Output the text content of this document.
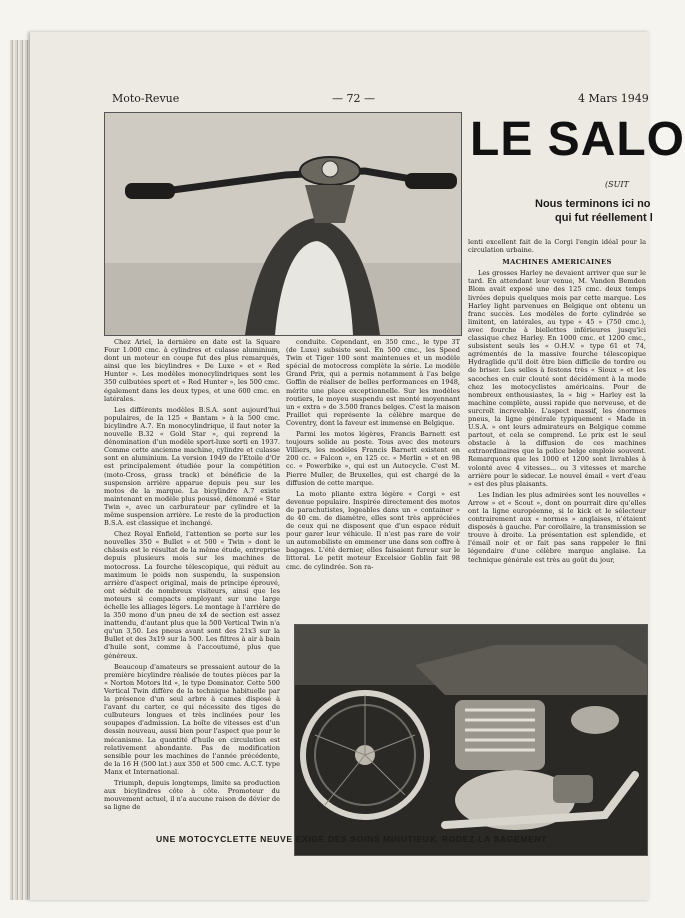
Moto-Revue	— 72 —	4 Mars 1949
LE SALO
(SUIT
Nous terminons ici no
qui fut réellement l

Chez Ariel, la dernière en date est la Square Four 1.000 cmc. à cylindres et culasse aluminium, dont un moteur en coupe fut des plus remarqués, ainsi que les bicylindres « De Luxe » et « Red Hunter ». Les modèles monocylindriques sont les 350 culbutées sport et « Red Hunter », les 500 cmc. également dans les deux types, et une 600 cmc. en latérales.

Les différents modèles B.S.A. sont aujourd'hui populaires, de la 125 « Bantam » à la 500 cmc. bicylindre A.7. En monocylindrique, il faut noter la nouvelle B.32 « Gold Star », qui reprend la dénomination d'un modèle sport-luxe sorti en 1937. Comme cette ancienne machine, cylindre et culasse sont en aluminium. La version 1949 de l'Etoile d'Or est principalement étudiée pour la compétition (moto-Cross, grass track) et bénéficie de la suspension arrière apparue depuis peu sur les motos de la marque. La bicylindre A.7 existe maintenant en modèle plus poussé, dénommé « Star Twin », avec un carburateur par cylindre et la même suspension arrière. Le reste de la production B.S.A. est classique et inchangé.

Chez Royal Enfield, l'attention se porte sur les nouvelles 350 « Bullet » et 500 « Twin » dont le châssis est le résultat de la même étude, entreprise depuis plusieurs mois sur les machines de motocross. La fourche télescopique, qui réduit au maximum le poids non suspendu, la suspension arrière d'aspect original, mais de principe éprouvé, ont séduit de nombreux visiteurs, ainsi que les moteurs si compacts employant sur une large échelle les alliages légers. Le montage à l'arrière de la 350 mono d'un pneu de x4 de section est assez inattendu, d'autant plus que la 500 Vertical Twin n'a qu'un 3,50. Les pneus avant sont des 21x3 sur la Bullet et des 3x19 sur la 500. Les filtres à air à bain d'huile sont, comme à l'accoutumé, plus que généreux.

Beaucoup d'amateurs se pressaient autour de la première bicylindre réalisée de toutes pièces par la « Norton Motors ltd », le type Dominator. Cette 500 Vertical Twin diffère de la technique habituelle par la présence d'un seul arbre à cames disposé à l'avant du carter, ce qui nécessite des tiges de culbuteurs longues et très inclinées pour les soupapes d'admission. La boîte de vitesses est d'un dessin nouveau, aussi bien pour l'aspect que pour le mécanisme. La quantité d'huile en circulation est relativement abondante. Pas de modification sensible pour les machines de l'année précédente, de la 16 H (500 lat.) aux 350 et 500 cmc. A.C.T. type Manx et International.

Triumph, depuis longtemps, limite sa production aux bicylindres côte à côte. Promoteur du mouvement actuel, il n'a aucune raison de dévier de sa ligne de

conduite. Cependant, en 350 cmc., le type 3T (de Luxe) subsiste seul. En 500 cmc., les Speed Twin et Tiger 100 sont maintenues et un modèle spécial de motocross complète la série. Le modèle Grand Prix, qui a permis notamment à l'as belge Goffin de réaliser de belles performances en 1948, mérite une place exceptionnelle. Sur les modèles routiers, le moyeu suspendu est monté moyennant un « extra » de 3.500 francs belges. C'est la maison Praillet qui représente la célèbre marque de Coventry, dont la faveur est immense en Belgique.

Parmi les motos légères, Francis Barnett est toujours solide au poste. Tous avec des moteurs Villiers, les modèles Francis Barnett existent en 200 cc. « Falcon », en 125 cc. « Merlin » et en 98 cc. « Powerbike », qui est un Autocycle. C'est M. Pierre Muller, de Bruxelles, qui est chargé de la diffusion de cette marque.

La moto pliante extra légère « Corgi » est devenue populaire. Inspirée directement des motos de parachutistes, logeables dans un « container » de 40 cm. de diamètre, elles sont très appréciées de ceux qui ne disposent que d'un espace réduit pour garer leur véhicule. Il n'est pas rare de voir un automobiliste en emmener une dans son coffre à bagages. L'été dernier, elles faisaient fureur sur le littoral. Le petit moteur Excelsior Goblin fait 98 cmc. de cylindrée. Son ra-

lenti excellent fait de la Corgi l'engin idéal pour la circulation urbaine.

MACHINES AMERICAINES

Les grosses Harley ne devaient arriver que sur le tard. En attendant leur venue, M. Vanden Bemden Blom avait exposé une des 125 cmc. deux temps livrées depuis quelques mois par cette marque. Les Harley light parvenues en Belgique ont obtenu un franc succès. Les modèles de forte cylindrée se limitent, en latérales, au type « 45 » (750 cmc.), avec fourche à biellettes inférieures jusqu'ici classique chez Harley. En 1000 cmc. et 1200 cmc., subsistent seuls les « O.H.V. » type 61 et 74, agrémentés de la massive fourche télescopique Hydraglide qu'il doit être bien difficile de tordre ou de briser. Les selles à festons très « Sioux » et les sacoches en cuir clouté sont décidément à la mode chez les motocyclistes américains. Pour de nombreux enthousiastes, la « big » Harley est la machine complète, aussi rapide que nerveuse, et de surcroît increvable. L'aspect massif, les énormes pneus, la ligne générale typiquement « Made in U.S.A. » ont leurs admirateurs en Belgique comme partout, et cela se comprend. Le prix est le seul obstacle à la diffusion de ces machines extraordinaires que la police belge emploie souvent. Remarquons que les 1000 et 1200 sont livrables à volonté avec 4 vitesses... ou 3 vitesses et marche arrière pour le sidecar. Le nouvel émail « vert d'eau » est des plus plaisants.

Les Indian les plus admirées sont les nouvelles « Arrow » et « Scout », dont on pourrait dire qu'elles ont la ligne européenne, si le kick et le sélecteur contrairement aux « normes » anglaises, n'étaient disposés à gauche. Par corollaire, la transmission se trouve à droite. La présentation est splendide, et l'émail noir et or fait pas sans rappeler le fini légendaire d'une célèbre marque anglaise. La technique générale est très au goût du jour,

UNE MOTOCYCLETTE NEUVE EXIGE DES SOINS MINUTIEUX, RODEZ-LA SAGEMENT
